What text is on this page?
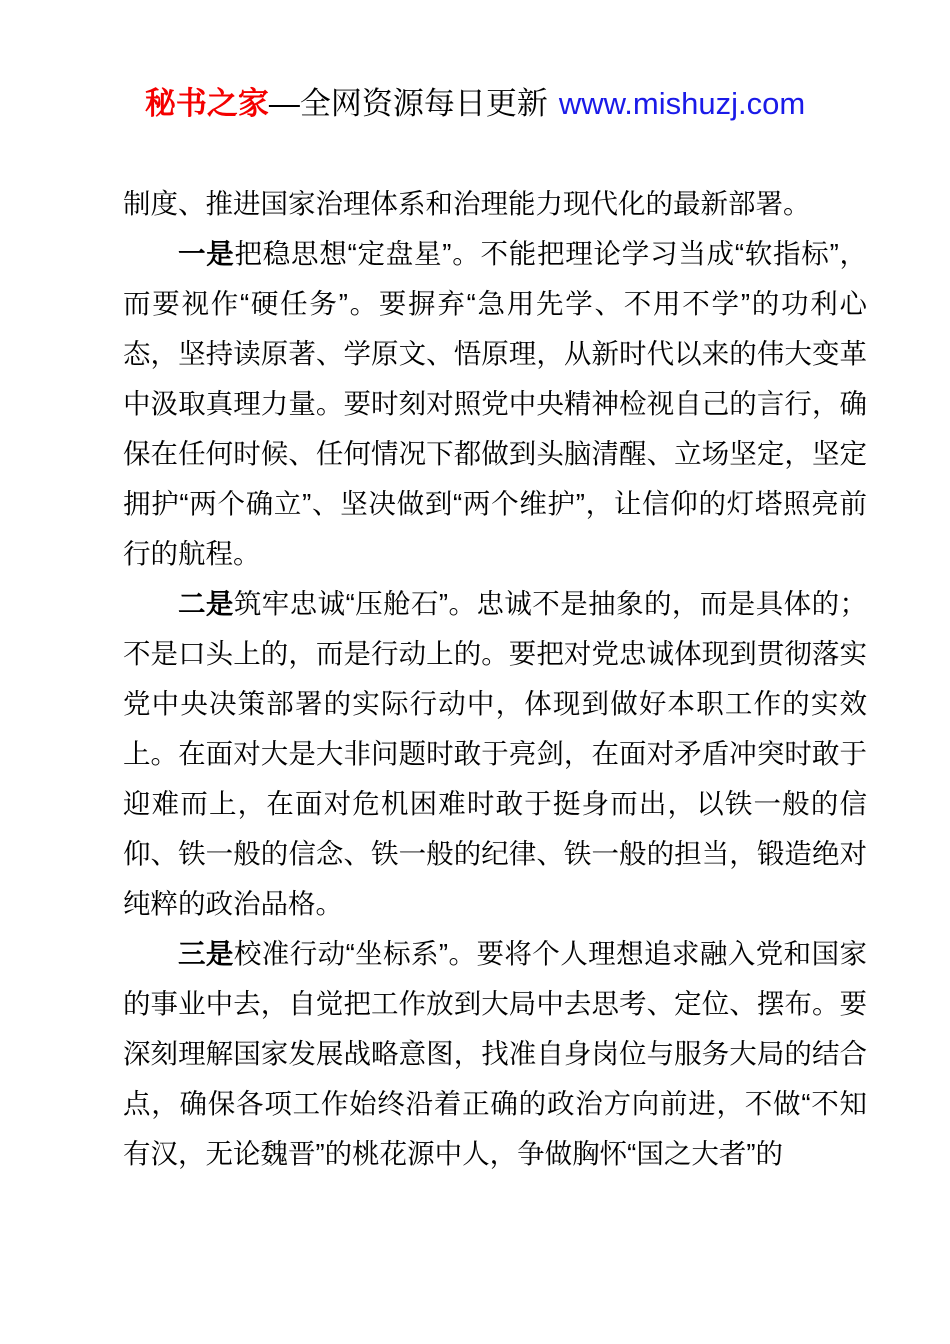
秘书之家—全网资源每日更新 www.mishuzj.com

制度、推进国家治理体系和治理能力现代化的最新部署。

一是把稳思想“定盘星”。不能把理论学习当成“软指标”，而要视作“硬任务”。要摒弃“急用先学、不用不学”的功利心态，坚持读原著、学原文、悟原理，从新时代以来的伟大变革中汲取真理力量。要时刻对照党中央精神检视自己的言行，确保在任何时候、任何情况下都做到头脑清醒、立场坚定，坚定拥护“两个确立”、坚决做到“两个维护”，让信仰的灯塔照亮前行的航程。

二是筑牢忠诚“压舱石”。忠诚不是抽象的，而是具体的；不是口头上的，而是行动上的。要把对党忠诚体现到贯彻落实党中央决策部署的实际行动中，体现到做好本职工作的实效上。在面对大是大非问题时敢于亮剑，在面对矛盾冲突时敢于迎难而上，在面对危机困难时敢于挺身而出，以铁一般的信仰、铁一般的信念、铁一般的纪律、铁一般的担当，锻造绝对纯粹的政治品格。

三是校准行动“坐标系”。要将个人理想追求融入党和国家的事业中去，自觉把工作放到大局中去思考、定位、摆布。要深刻理解国家发展战略意图，找准自身岗位与服务大局的结合点，确保各项工作始终沿着正确的政治方向前进，不做“不知有汉，无论魏晋”的桃花源中人，争做胸怀“国之大者”的
